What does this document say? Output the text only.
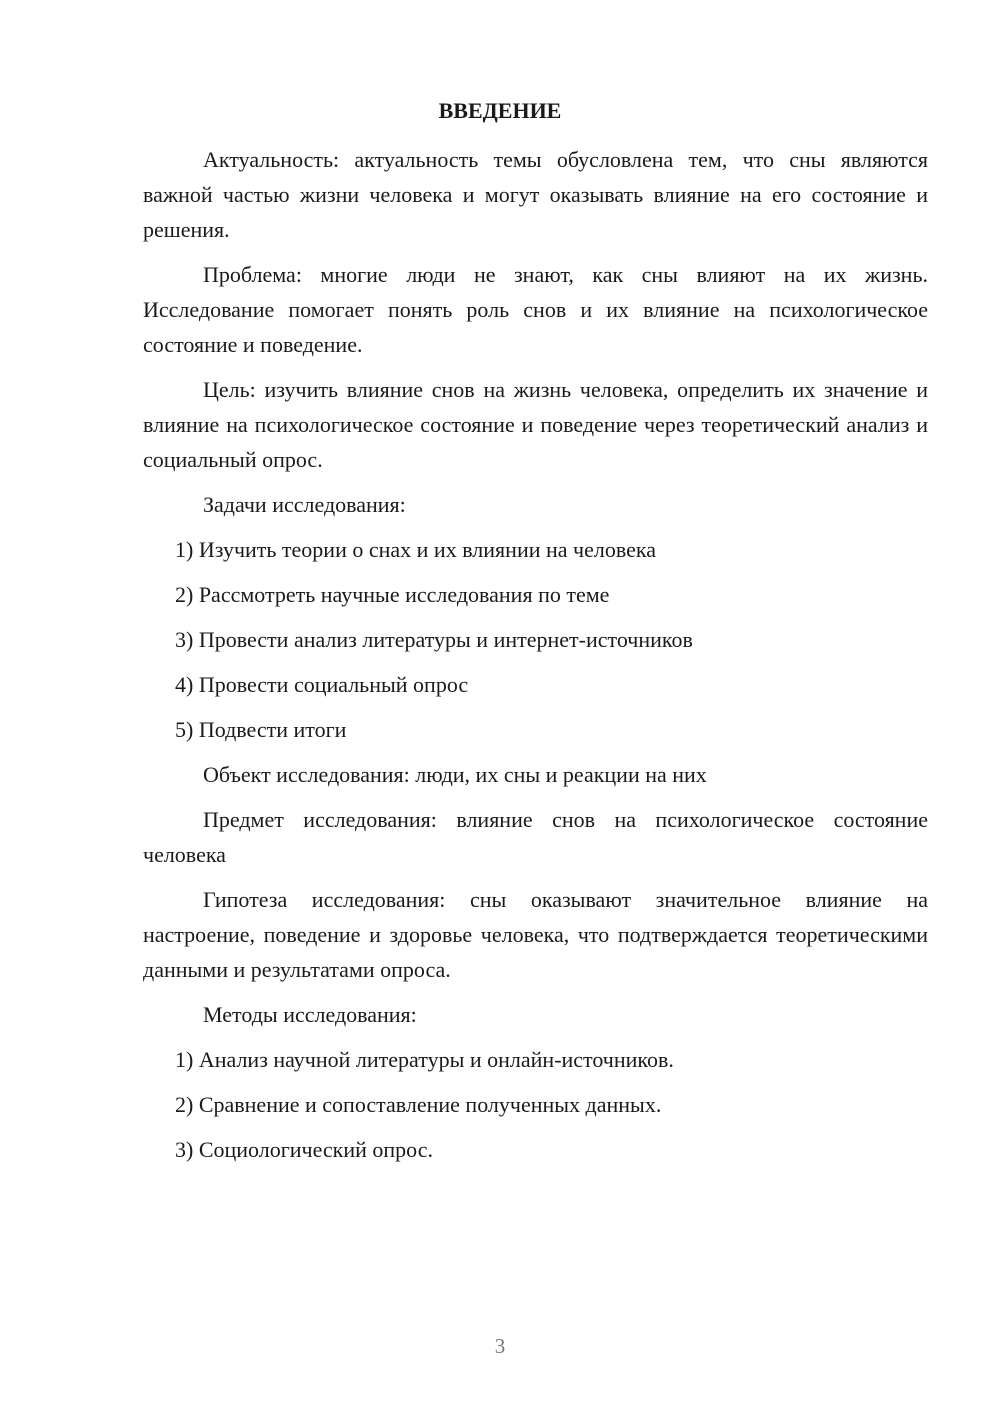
ВВЕДЕНИЕ

Актуальность: актуальность темы обусловлена тем, что сны являются важной частью жизни человека и могут оказывать влияние на его состояние и решения.

Проблема: многие люди не знают, как сны влияют на их жизнь. Исследование помогает понять роль снов и их влияние на психологическое состояние и поведение.

Цель: изучить влияние снов на жизнь человека, определить их значение и влияние на психологическое состояние и поведение через теоретический анализ и социальный опрос.

Задачи исследования:

1) Изучить теории о снах и их влиянии на человека

2) Рассмотреть научные исследования по теме

3) Провести анализ литературы и интернет-источников

4) Провести социальный опрос

5) Подвести итоги

Объект исследования: люди, их сны и реакции на них

Предмет исследования: влияние снов на психологическое состояние человека

Гипотеза исследования: сны оказывают значительное влияние на настроение, поведение и здоровье человека, что подтверждается теоретическими данными и результатами опроса.

Методы исследования:

1) Анализ научной литературы и онлайн-источников.

2) Сравнение и сопоставление полученных данных.

3) Социологический опрос.

3
